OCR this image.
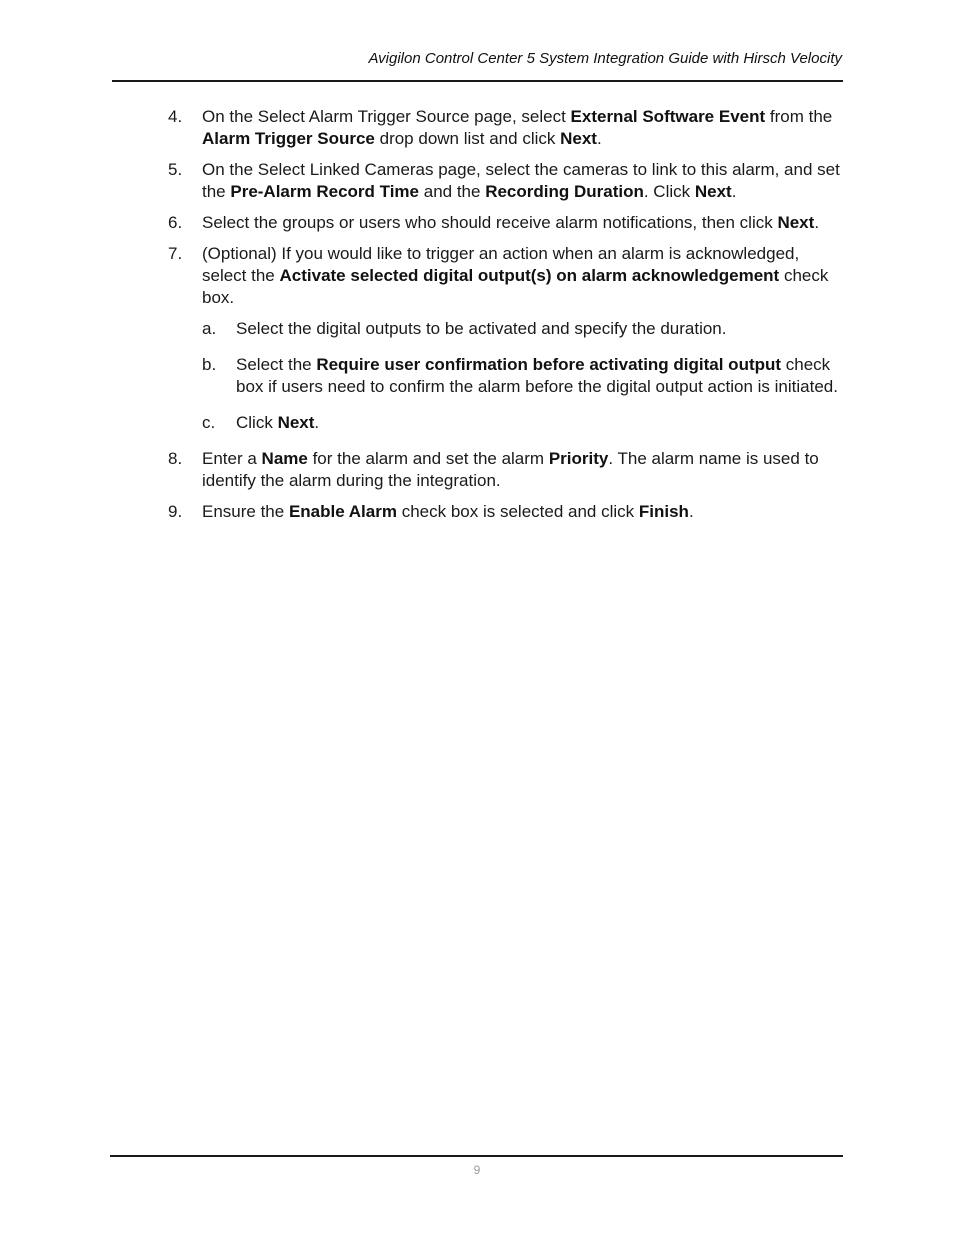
Avigilon Control Center 5 System Integration Guide with Hirsch Velocity
4. On the Select Alarm Trigger Source page, select External Software Event from the Alarm Trigger Source drop down list and click Next.
5. On the Select Linked Cameras page, select the cameras to link to this alarm, and set the Pre-Alarm Record Time and the Recording Duration. Click Next.
6. Select the groups or users who should receive alarm notifications, then click Next.
7. (Optional) If you would like to trigger an action when an alarm is acknowledged, select the Activate selected digital output(s) on alarm acknowledgement check box.
a. Select the digital outputs to be activated and specify the duration.
b. Select the Require user confirmation before activating digital output check box if users need to confirm the alarm before the digital output action is initiated.
c. Click Next.
8. Enter a Name for the alarm and set the alarm Priority. The alarm name is used to identify the alarm during the integration.
9. Ensure the Enable Alarm check box is selected and click Finish.
9
